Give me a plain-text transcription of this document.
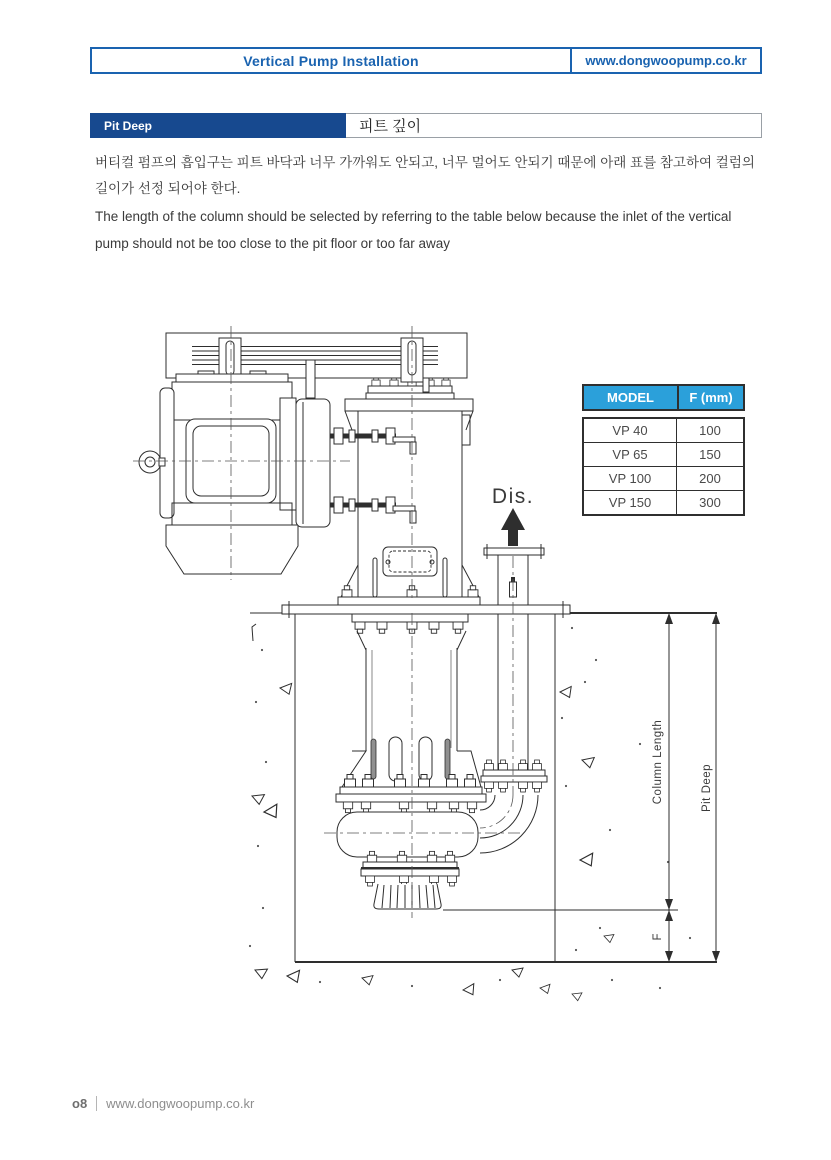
Vertical Pump Installation	www.dongwoopump.co.kr
Pit Deep	피트 깊이
버티컬 펌프의 흡입구는 피트 바닥과 너무 가까워도 안되고, 너무 멀어도 안되기 때문에 아래 표를 참고하여 컬럼의 길이가 선정 되어야 한다.
The length of the column should be selected by referring to the table below because the inlet of the vertical pump should not be too close to the pit floor or too far away
MODEL	F (mm)
VP 40	100
VP 65	150
VP 100	200
VP 150	300
Column Length	Pit Deep
F
Dis.
o8 www.dongwoopump.co.kr
